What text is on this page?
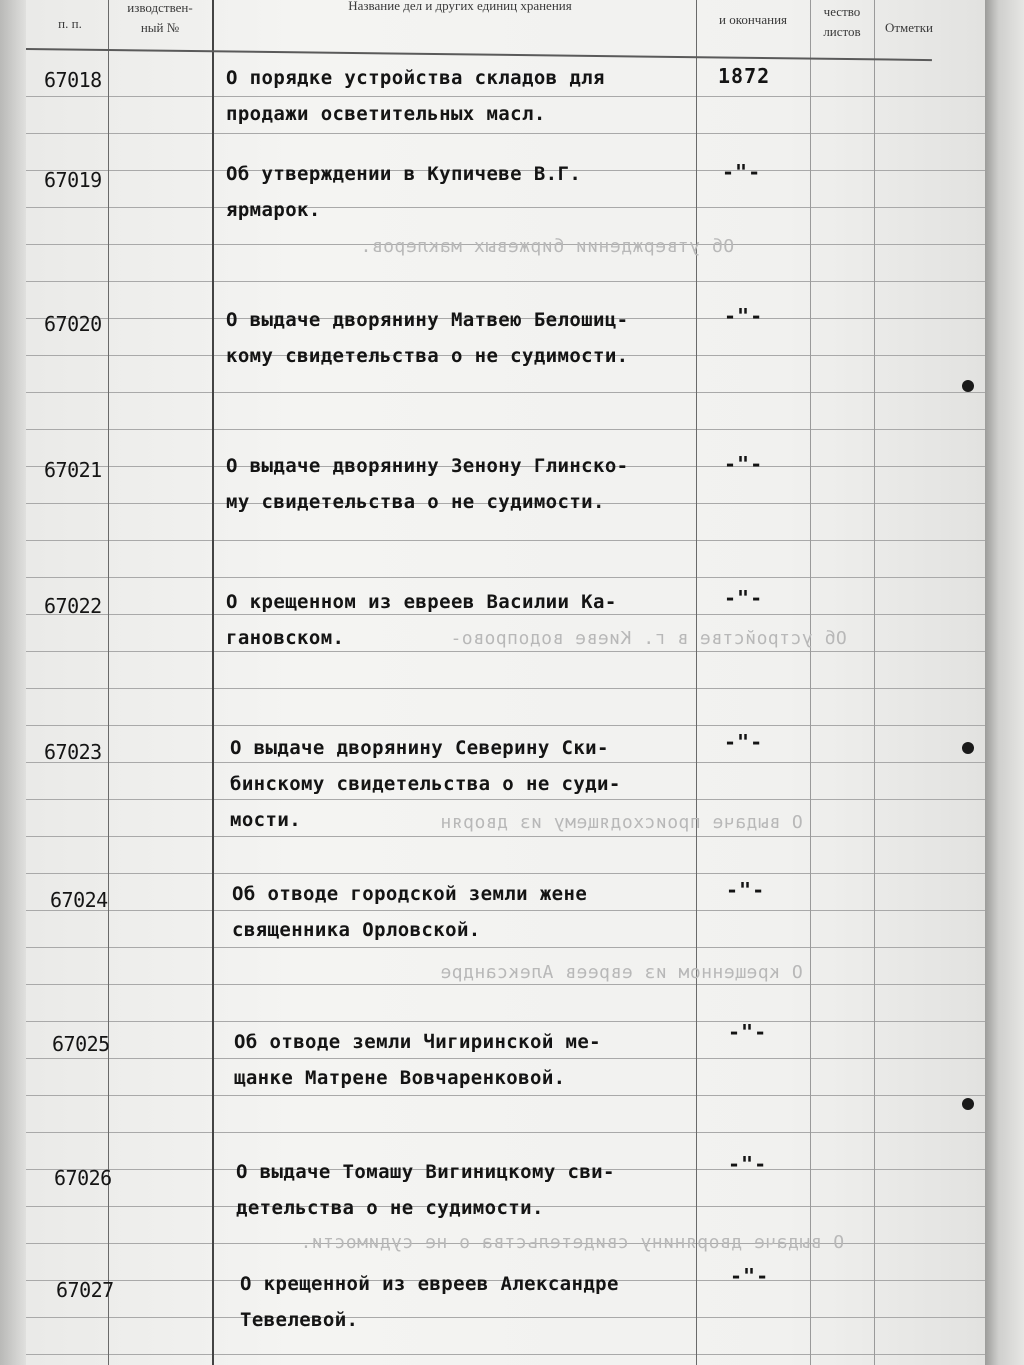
п. п.
изводствен-
ный №
Название дел и других единиц хранения
и окончания
чество
листов	Отметки
Об утверждении биржевых маклеров.
Об устройстве в г. Киеве водопрово-
О выдаче происходящему из дворян
О крещенном из евреев Александре
О выдаче дворянину свидетельства о не судимости.
67018	О порядке устройства складов для
продажи осветительных масл.
1872
67019	Об утверждении в Купичеве В.Г.
ярмарок.
-"-
67020	О выдаче дворянину Матвею Белошиц-
кому свидетельства о не судимости.
-"-
67021	О выдаче дворянину Зенону Глинско-
му свидетельства о не судимости.
-"-
67022	О крещенном из евреев Василии Ка-
гановском.
-"-
67023	О выдаче дворянину Северину Ски-
бинскому свидетельства о не суди-
мости.
-"-
67024	Об отводе городской земли жене
священника Орловской.
-"-
67025	Об отводе земли Чигиринской ме-
щанке Матрене Вовчаренковой.
-"-
67026	О выдаче Томашу Вигиницкому сви-
детельства о не судимости.
-"-
67027	О крещенной из евреев Александре
Тевелевой.
-"-
